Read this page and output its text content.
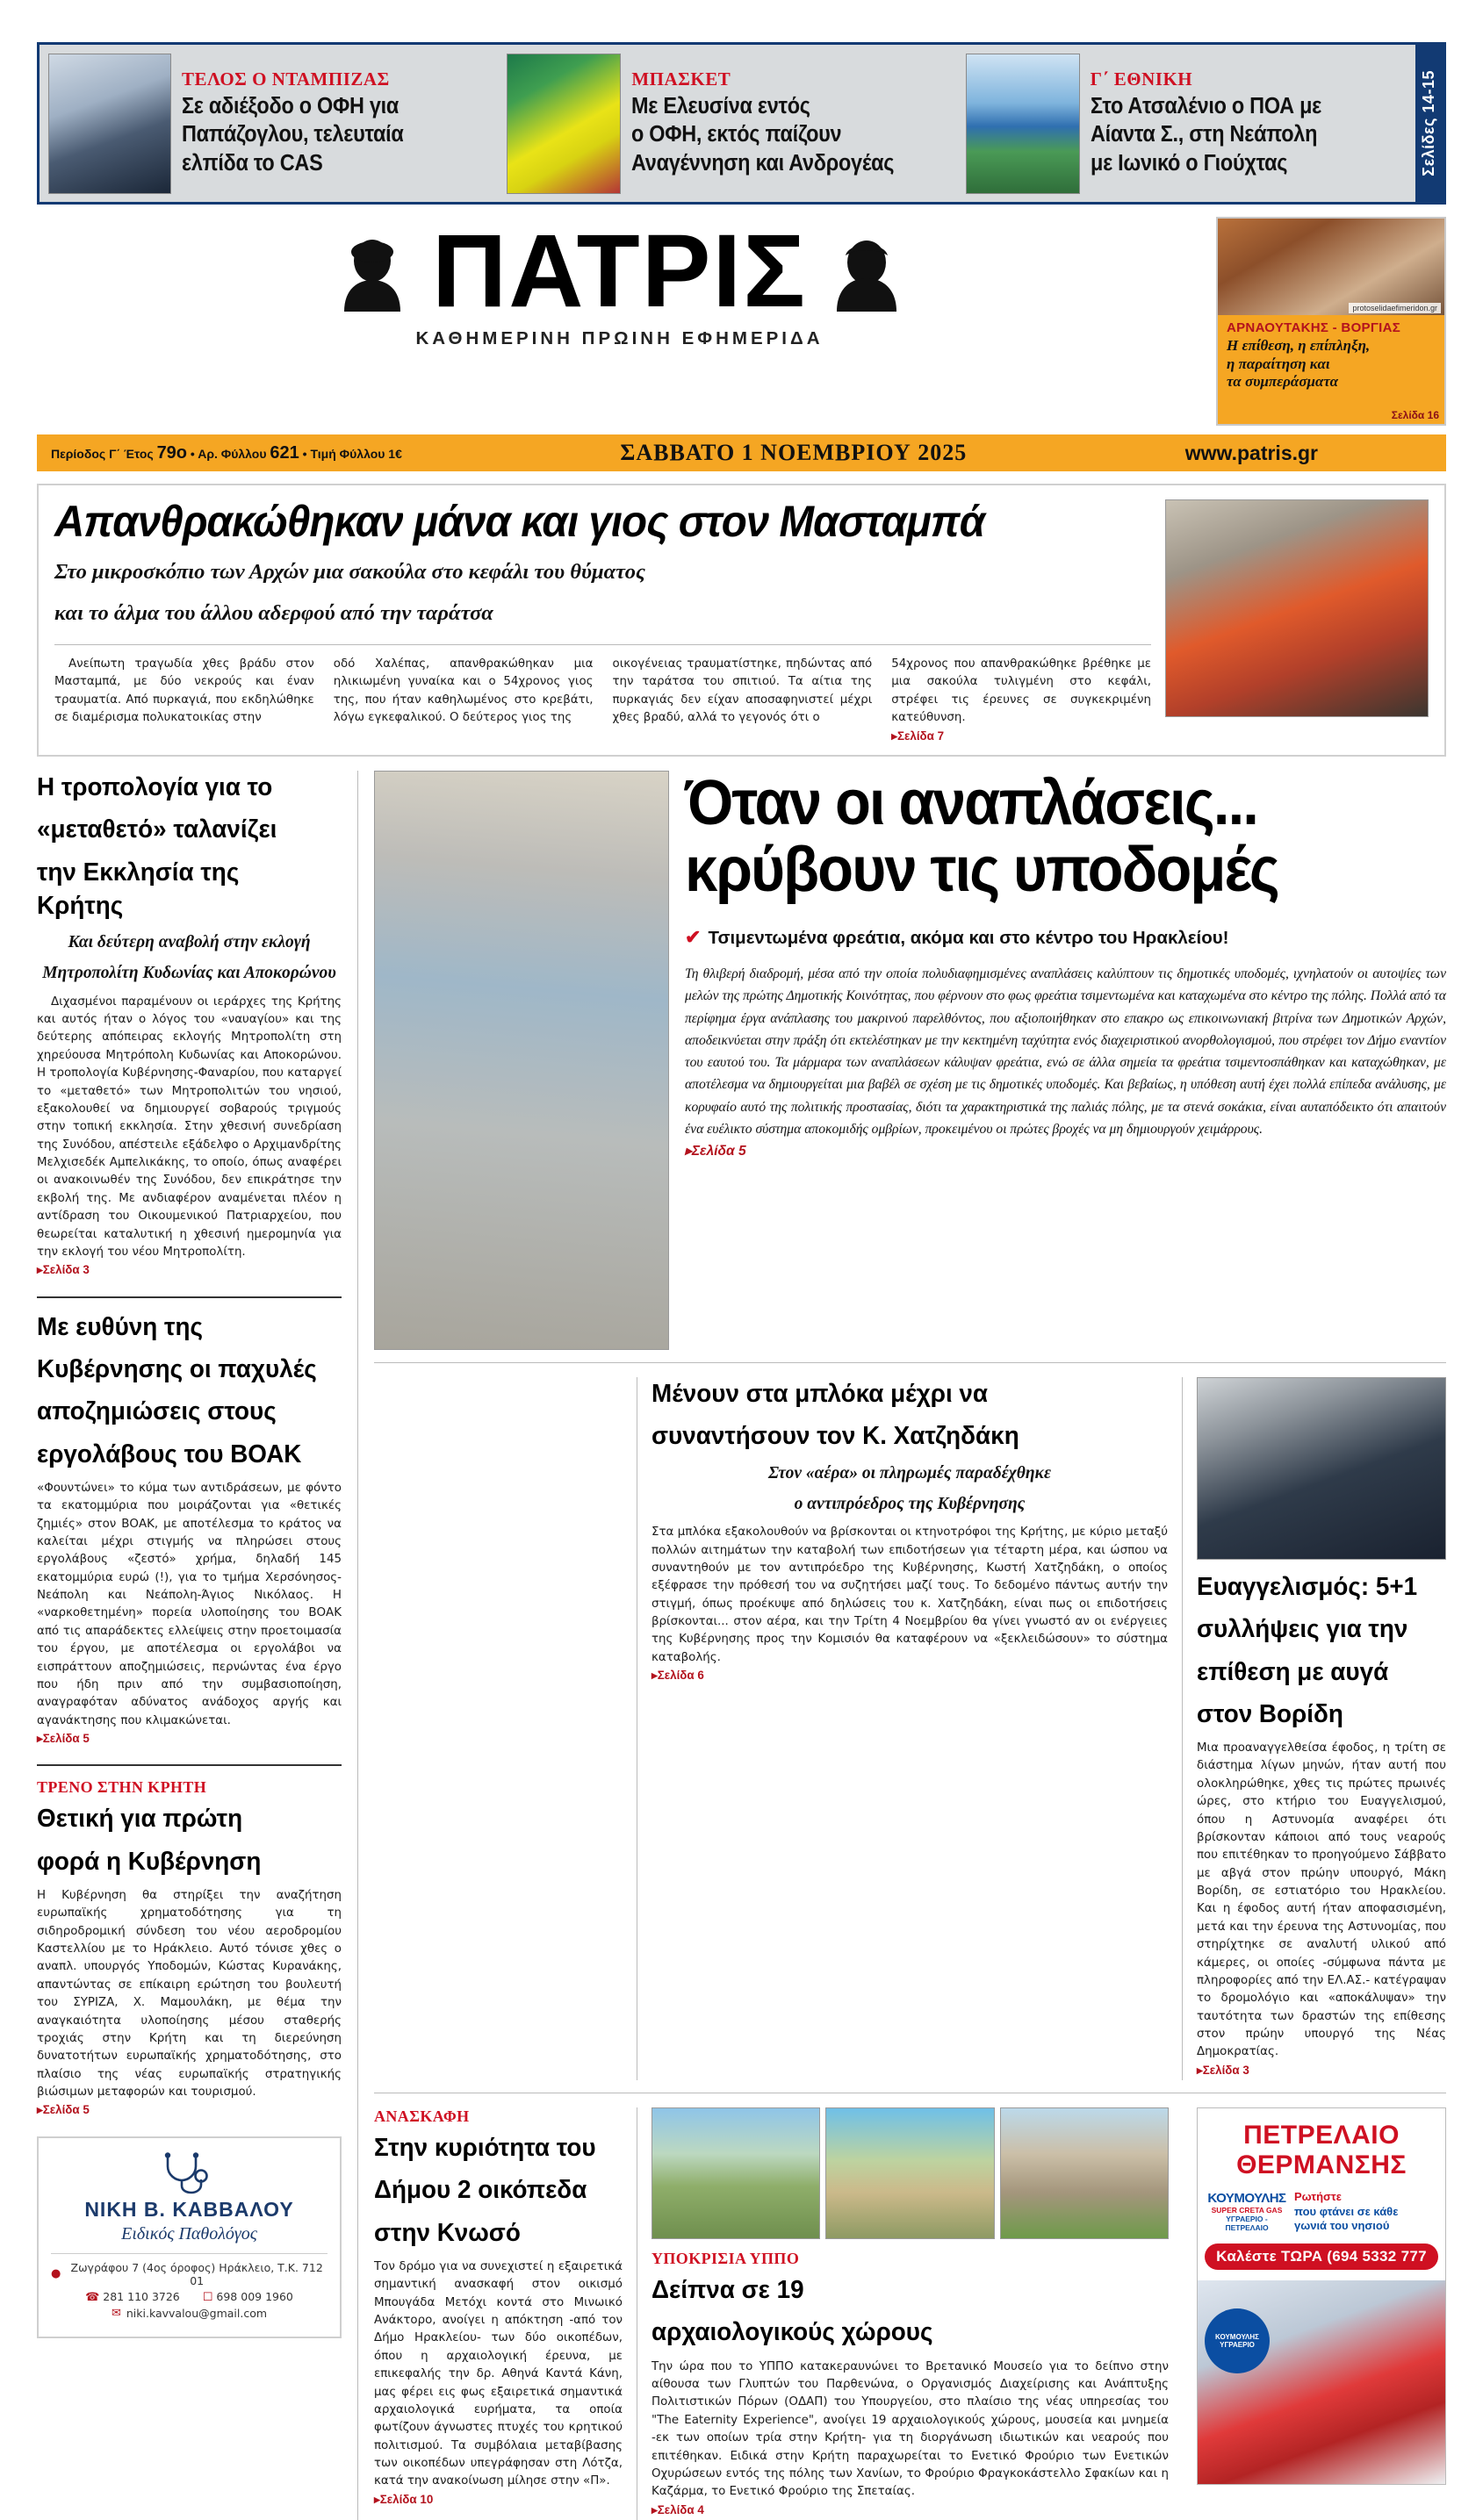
ΤΕΛΟΣ Ο ΝΤΑΜΠΙΖΑΣ
Σε αδιέξοδο ο ΟΦΗ για
Παπάζογλου, τελευταία
ελπίδα το CAS
ΜΠΑΣΚΕΤ
Με Ελευσίνα εντός
ο ΟΦΗ, εκτός παίζουν
Αναγέννηση και Ανδρογέας
Γ΄ ΕΘΝΙΚΗ
Στο Ατσαλένιο ο ΠΟΑ με
Αίαντα Σ., στη Νεάπολη
με Ιωνικό ο Γιούχτας	Σελίδες 14-15
ΠΑΤΡΙΣ
ΚΑΘΗΜΕΡΙΝΗ ΠΡΩΙΝΗ ΕΦΗΜΕΡΙΔΑ
protoselidaefimeridon.gr
ΑΡΝΑΟΥΤΑΚΗΣ - ΒΟΡΓΙΑΣ
Η επίθεση, η επίπληξη,
η παραίτηση και
τα συμπεράσματα
Σελίδα 16
Περίοδος Γ΄ Έτος 79ο • Αρ. Φύλλου 621 • Τιμή Φύλλου 1€	ΣΑΒΒΑΤΟ 1 ΝΟΕΜΒΡΙΟΥ 2025	www.patris.gr
Απανθρακώθηκαν μάνα και γιος στον Μασταμπά
Στο μικροσκόπιο των Αρχών μια σακούλα στο κεφάλι του θύματος
και το άλμα του άλλου αδερφού από την ταράτσα

Ανείπωτη τραγωδία χθες βράδυ στον Μασταμπά, με δύο νεκρούς και έναν τραυματία. Από πυρκαγιά, που εκδηλώθηκε σε διαμέρισμα πολυκατοικίας στην

οδό Χαλέπας, απανθρακώθηκαν μια ηλικιωμένη γυναίκα και ο 54χρονος γιος της, που ήταν καθηλωμένος στο κρεβάτι, λόγω εγκεφαλικού. Ο δεύτερος γιος της

οικογένειας τραυματίστηκε, πηδώντας από την ταράτσα του σπιτιού. Τα αίτια της πυρκαγιάς δεν είχαν αποσαφηνιστεί μέχρι χθες βραδύ, αλλά το γεγονός ότι ο

54χρονος που απανθρακώθηκε βρέθηκε με μια σακούλα τυλιγμένη στο κεφάλι, στρέφει τις έρευνες σε συγκεκριμένη κατεύθυνση.

▸ Σελίδα 7

Η τροπολογία για το
«μεταθετό» ταλανίζει
την Εκκλησία της Κρήτης
Και δεύτερη αναβολή στην εκλογή
Μητροπολίτη Κυδωνίας και Αποκορώνου

Διχασμένοι παραμένουν οι ιεράρχες της Κρήτης και αυτός ήταν ο λόγος του «ναυαγίου» και της δεύτερης απόπειρας εκλογής Μητροπολίτη στη χηρεύουσα Μητρόπολη Κυδωνίας και Αποκορώνου. Η τροπολογία Κυβέρνησης-Φαναρίου, που καταργεί το «μεταθετό» των Μητροπολιτών του νησιού, εξακολουθεί να δημιουργεί σοβαρούς τριγμούς στην τοπική εκκλησία. Στην χθεσινή συνεδρίαση της Συνόδου, απέστειλε εξάδελφο ο Αρχιμανδρίτης Μελχισεδέκ Αμπελικάκης, το οποίο, όπως αναφέρει οι ανακοινωθέν της Συνόδου, δεν επικράτησε την εκβολή της. Με ανδιαφέρον αναμένεται πλέον η αντίδραση του Οικουμενικού Πατριαρχείου, που θεωρείται καταλυτική η χθεσινή ημερομηνία για την εκλογή του νέου Μητροπολίτη.

▸ Σελίδα 3

Με ευθύνη της
Κυβέρνησης οι παχυλές
αποζημιώσεις στους
εργολάβους του ΒΟΑΚ

«Φουντώνει» το κύμα των αντιδράσεων, με φόντο τα εκατομμύρια που μοιράζονται για «θετικές ζημιές» στον ΒΟΑΚ, με αποτέλεσμα το κράτος να καλείται μέχρι στιγμής να πληρώσει στους εργολάβους «ζεστό» χρήμα, δηλαδή 145 εκατομμύρια ευρώ (!), για το τμήμα Χερσόνησος-Νεάπολη και Νεάπολη-Άγιος Νικόλαος. Η «ναρκοθετημένη» πορεία υλοποίησης του ΒΟΑΚ από τις απαράδεκτες ελλείψεις στην προετοιμασία του έργου, με αποτέλεσμα οι εργολάβοι να εισπράττουν αποζημιώσεις, περνώντας ένα έργο που ήδη πριν από την συμβασιοποίηση, αναγραφόταν αδύνατος ανάδοχος αργής και αγανάκτησης που κλιμακώνεται.

▸ Σελίδα 5

ΤΡΕΝΟ ΣΤΗΝ ΚΡΗΤΗ
Θετική για πρώτη
φορά η Κυβέρνηση

Η Κυβέρνηση θα στηρίξει την αναζήτηση ευρωπαϊκής χρηματοδότησης για τη σιδηροδρομική σύνδεση του νέου αεροδρομίου Καστελλίου με το Ηράκλειο. Αυτό τόνισε χθες ο αναπλ. υπουργός Υποδομών, Κώστας Κυρανάκης, απαντώντας σε επίκαιρη ερώτηση του βουλευτή του ΣΥΡΙΖΑ, Χ. Μαμουλάκη, με θέμα την αναγκαιότητα υλοποίησης μέσου σταθερής τροχιάς στην Κρήτη και τη διερεύνηση δυνατοτήτων ευρωπαϊκής χρηματοδότησης, στο πλαίσιο της νέας ευρωπαϊκής στρατηγικής βιώσιμων μεταφορών και τουρισμού.

▸ Σελίδα 5

ΝΙΚΗ Β. ΚΑΒΒΑΛΟΥ
Ειδικός Παθολόγος
● Ζωγράφου 7 (4ος όροφος) Ηράκλειο, Τ.Κ. 712 01
☎ 281 110 3726 ☐ 698 009 1960
✉ niki.kavvalou@gmail.com

Όταν οι αναπλάσεις...
κρύβουν τις υποδομές
✔ Τσιμεντωμένα φρεάτια, ακόμα και στο κέντρο του Ηρακλείου!

Τη θλιβερή διαδρομή, μέσα από την οποία πολυδιαφημισμένες αναπλάσεις καλύπτουν τις δημοτικές υποδομές, ιχνηλατούν οι αυτοψίες των μελών της πρώτης Δημοτικής Κοινότητας, που φέρνουν στο φως φρεάτια τσιμεντωμένα και καταχωμένα στο κέντρο της πόλης. Πολλά από τα περίφημα έργα ανάπλασης του μακρινού παρελθόντος, που αξιοποιήθηκαν στο επακρο ως επικοινωνιακή βιτρίνα των Δημοτικών Αρχών, αποδεικνύεται στην πράξη ότι εκτελέστηκαν με την κεκτημένη ταχύτητα ενός διαχειριστικού ανορθολογισμού, που στρέφει τον Δήμο εναντίον του εαυτού του. Τα μάρμαρα των αναπλάσεων κάλυψαν φρεάτια, ενώ σε άλλα σημεία τα φρεάτια τσιμεντοσπάθηκαν και καταχώθηκαν, με αποτέλεσμα να δημιουργείται μια βαβέλ σε σχέση με τις δημοτικές υποδομές. Και βεβαίως, η υπόθεση αυτή έχει πολλά επίπεδα ανάλυσης, με κορυφαίο αυτό της πολιτικής προστασίας, διότι τα χαρακτηριστικά της παλιάς πόλης, με τα στενά σοκάκια, είναι αυταπόδεικτο ότι απαιτούν ένα ευέλικτο σύστημα αποκομιδής ομβρίων, προκειμένου οι πρώτες βροχές να μη δημιουργούν χειμάρρους.

▸ Σελίδα 5

Μένουν στα μπλόκα μέχρι να
συναντήσουν τον Κ. Χατζηδάκη
Στον «αέρα» οι πληρωμές παραδέχθηκε
ο αντιπρόεδρος της Κυβέρνησης

Στα μπλόκα εξακολουθούν να βρίσκονται οι κτηνοτρόφοι της Κρήτης, με κύριο μεταξύ πολλών αιτημάτων την καταβολή των επιδοτήσεων για τέταρτη μέρα, και ώσπου να συναντηθούν με τον αντιπρόεδρο της Κυβέρνησης, Κωστή Χατζηδάκη, ο οποίος εξέφρασε την πρόθεσή του να συζητήσει μαζί τους. Το δεδομένο πάντως αυτήν την στιγμή, όπως προέκυψε από δηλώσεις του κ. Χατζηδάκη, είναι πως οι επιδοτήσεις βρίσκονται... στον αέρα, και την Τρίτη 4 Νοεμβρίου θα γίνει γνωστό αν οι ενέργειες της Κυβέρνησης προς την Κομισιόν θα καταφέρουν να «ξεκλειδώσουν» το σύστημα καταβολής.

▸ Σελίδα 6

Ευαγγελισμός: 5+1
συλλήψεις για την
επίθεση με αυγά
στον Βορίδη

Μια προαναγγελθείσα έφοδος, η τρίτη σε διάστημα λίγων μηνών, ήταν αυτή που ολοκληρώθηκε, χθες τις πρώτες πρωινές ώρες, στο κτήριο του Ευαγγελισμού, όπου η Αστυνομία αναφέρει ότι βρίσκονταν κάποιοι από τους νεαρούς που επιτέθηκαν το προηγούμενο Σάββατο με αβγά στον πρώην υπουργό, Μάκη Βορίδη, σε εστιατόριο του Ηρακλείου. Και η έφοδος αυτή ήταν αποφασισμένη, μετά και την έρευνα της Αστυνομίας, που στηρίχτηκε σε αναλυτή υλικού από κάμερες, οι οποίες -σύμφωνα πάντα με πληροφορίες από την ΕΛ.ΑΣ.- κατέγραψαν το δρομολόγιο και «αποκάλυψαν» την ταυτότητα των δραστών της επίθεσης στον πρώην υπουργό της Νέας Δημοκρατίας.

▸ Σελίδα 3

ΑΝΑΣΚΑΦΗ
Στην κυριότητα του
Δήμου 2 οικόπεδα
στην Κνωσό

Τον δρόμο για να συνεχιστεί η εξαιρετικά σημαντική ανασκαφή στον οικισμό Μπουγάδα Μετόχι κοντά στο Μινωικό Ανάκτορο, ανοίγει η απόκτηση -από τον Δήμο Ηρακλείου- των δύο οικοπέδων, όπου η αρχαιολογική έρευνα, με επικεφαλής την δρ. Αθηνά Καντά Κάνη, μας φέρει εις φως εξαιρετικά σημαντικά αρχαιολογικά ευρήματα, τα οποία φωτίζουν άγνωστες πτυχές του κρητικού πολιτισμού. Τα συμβόλαια μεταβίβασης των οικοπέδων υπεγράφησαν στη Λότζα, κατά την ανακοίνωση μίλησε στην «Π».

▸ Σελίδα 10

ΥΠΟΚΡΙΣΙΑ ΥΠΠΟ
Δείπνα σε 19
αρχαιολογικούς χώρους

Την ώρα που το ΥΠΠΟ κατακεραυνώνει το Βρετανικό Μουσείο για το δείπνο στην αίθουσα των Γλυπτών του Παρθενώνα, ο Οργανισμός Διαχείρισης και Ανάπτυξης Πολιτιστικών Πόρων (ΟΔΑΠ) του Υπουργείου, στο πλαίσιο της νέας υπηρεσίας του "The Eaternity Experience", ανοίγει 19 αρχαιολογικούς χώρους, μουσεία και μνημεία -εκ των οποίων τρία στην Κρήτη- για τη διοργάνωση ιδιωτικών και νεαρούς που επιτέθηκαν. Ειδικά στην Κρήτη παραχωρείται το Ενετικό Φρούριο των Ενετικών Οχυρώσεων εντός της πόλης των Χανίων, το Φρούριο Φραγκοκάστελλο Σφακίων και η Καζάρμα, το Ενετικό Φρούριο της Σπεταίας.

▸ Σελίδα 4

ΠΕΤΡΕΛΑΙΟ
ΘΕΡΜΑΝΣΗΣ
ΚΟΥΜΟΥΛΗΣ
SUPER CRETA GAS
ΥΓΡΑΕΡΙΟ - ΠΕΤΡΕΛΑΙΟ
Ρωτήστε
που φτάνει σε κάθε
γωνιά του νησιού
Καλέστε ΤΩΡΑ (694 5332 777
ΚΟΥΜΟΥΛΗΣ ΥΓΡΑΕΡΙΟ
